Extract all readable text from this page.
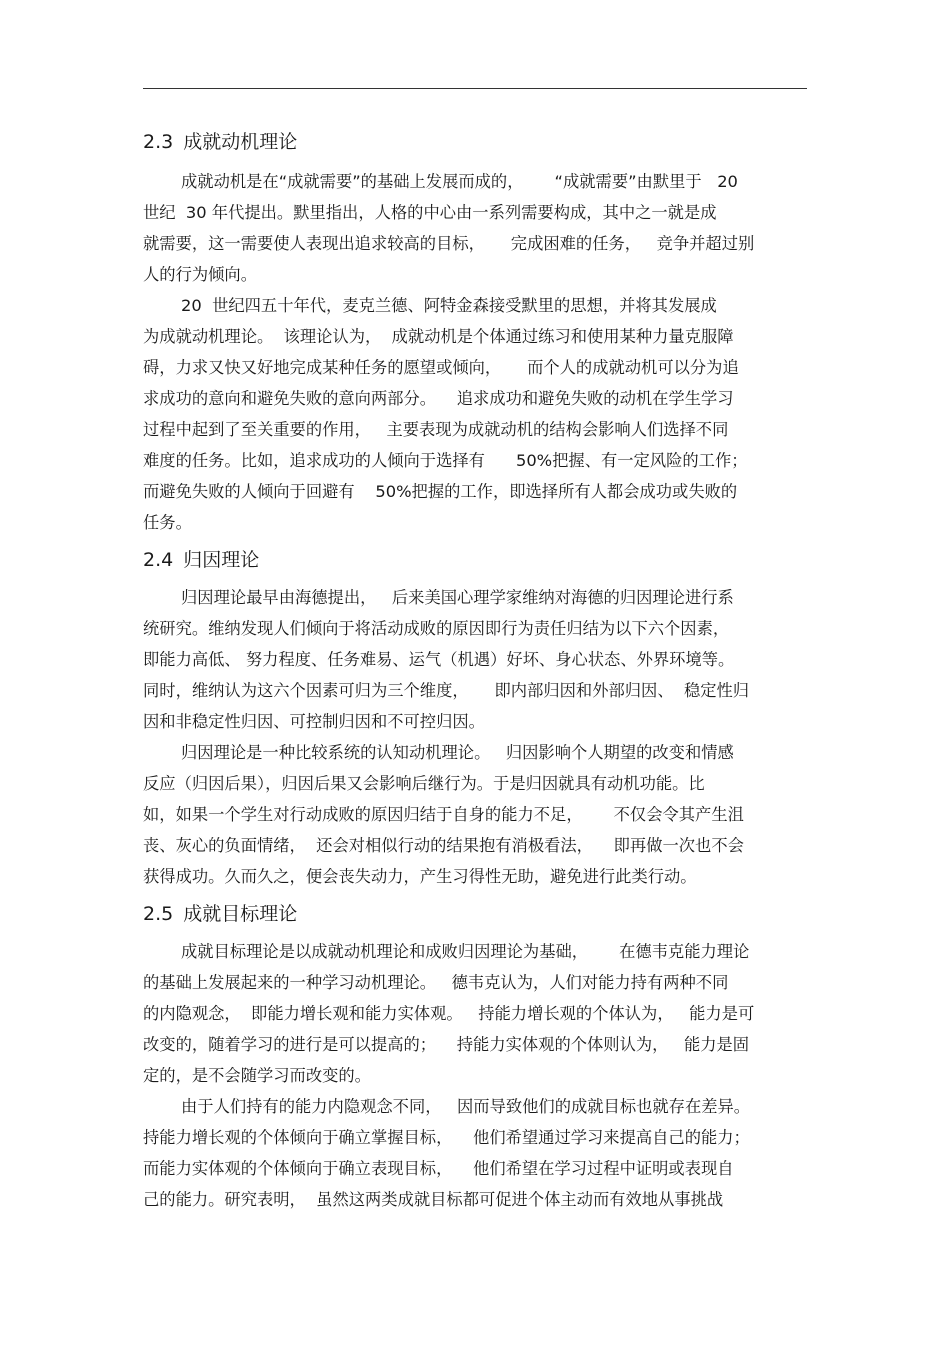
2.3 成就动机理论
成就动机是在“成就需要”的基础上发展而成的，      “成就需要”由默里于   20
世纪  30 年代提出。默里指出，人格的中心由一系列需要构成，其中之一就是成
就需要，这一需要使人表现出追求较高的目标，     完成困难的任务，   竞争并超过别
人的行为倾向。
20  世纪四五十年代，麦克兰德、阿特金森接受默里的思想，并将其发展成
为成就动机理论。  该理论认为，  成就动机是个体通过练习和使用某种力量克服障
碍，力求又快又好地完成某种任务的愿望或倾向，     而个人的成就动机可以分为追
求成功的意向和避免失败的意向两部分。    追求成功和避免失败的动机在学生学习
过程中起到了至关重要的作用，   主要表现为成就动机的结构会影响人们选择不同
难度的任务。比如，追求成功的人倾向于选择有      50%把握、有一定风险的工作；
而避免失败的人倾向于回避有    50%把握的工作，即选择所有人都会成功或失败的
任务。
2.4 归因理论
归因理论最早由海德提出，   后来美国心理学家维纳对海德的归因理论进行系
统研究。维纳发现人们倾向于将活动成败的原因即行为责任归结为以下六个因素，
即能力高低、 努力程度、任务难易、运气（机遇）好坏、身心状态、外界环境等。
同时，维纳认为这六个因素可归为三个维度，     即内部归因和外部归因、  稳定性归
因和非稳定性归因、可控制归因和不可控归因。
归因理论是一种比较系统的认知动机理论。   归因影响个人期望的改变和情感
反应（归因后果），归因后果又会影响后继行为。于是归因就具有动机功能。比
如，如果一个学生对行动成败的原因归结于自身的能力不足，      不仅会令其产生沮
丧、灰心的负面情绪，  还会对相似行动的结果抱有消极看法，    即再做一次也不会
获得成功。久而久之，便会丧失动力，产生习得性无助，避免进行此类行动。
2.5 成就目标理论
成就目标理论是以成就动机理论和成败归因理论为基础，      在德韦克能力理论
的基础上发展起来的一种学习动机理论。   德韦克认为，人们对能力持有两种不同
的内隐观念，  即能力增长观和能力实体观。   持能力增长观的个体认为，   能力是可
改变的，随着学习的进行是可以提高的；    持能力实体观的个体则认为，   能力是固
定的，是不会随学习而改变的。
由于人们持有的能力内隐观念不同，   因而导致他们的成就目标也就存在差异。
持能力增长观的个体倾向于确立掌握目标，    他们希望通过学习来提高自己的能力；
而能力实体观的个体倾向于确立表现目标，    他们希望在学习过程中证明或表现自
己的能力。研究表明，  虽然这两类成就目标都可促进个体主动而有效地从事挑战
